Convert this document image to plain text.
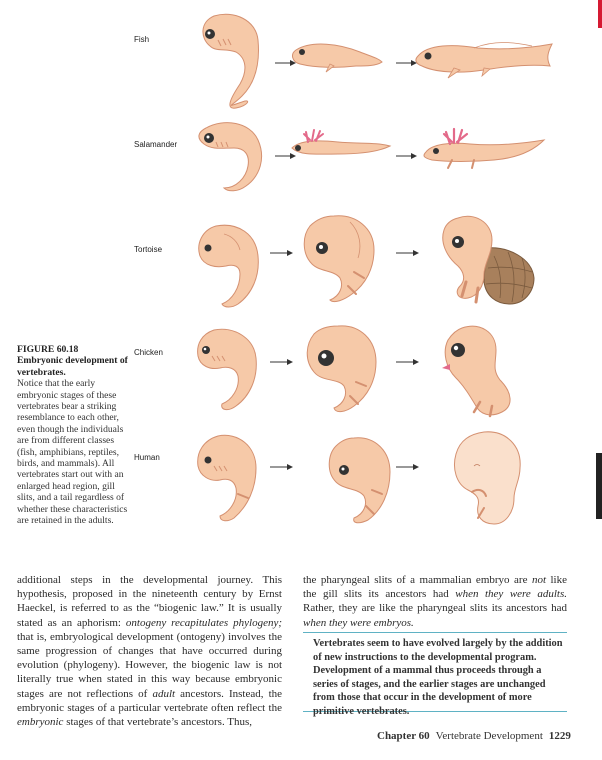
Fish
Salamander
Tortoise
Chicken
Human
FIGURE 60.18
Embryonic development of vertebrates.
Notice that the early embryonic stages of these vertebrates bear a striking resemblance to each other, even though the individuals are from different classes (fish, amphibians, reptiles, birds, and mammals). All vertebrates start out with an enlarged head region, gill slits, and a tail regardless of whether these characteristics are retained in the adults.
additional steps in the developmental journey. This hypothesis, proposed in the nineteenth century by Ernst Haeckel, is referred to as the “biogenic law.” It is usually stated as an aphorism: ontogeny recapitulates phylogeny; that is, embryological development (ontogeny) involves the same progression of changes that have occurred during evolution (phylogeny). However, the biogenic law is not literally true when stated in this way because embryonic stages are not reflections of adult ancestors. Instead, the embryonic stages of a particular vertebrate often reflect the embryonic stages of that vertebrate’s ancestors. Thus,
the pharyngeal slits of a mammalian embryo are not like the gill slits its ancestors had when they were adults. Rather, they are like the pharyngeal slits its ancestors had when they were embryos.
Vertebrates seem to have evolved largely by the addition of new instructions to the developmental program. Development of a mammal thus proceeds through a series of stages, and the earlier stages are unchanged from those that occur in the development of more primitive vertebrates.
Chapter 60 Vertebrate Development 1229
